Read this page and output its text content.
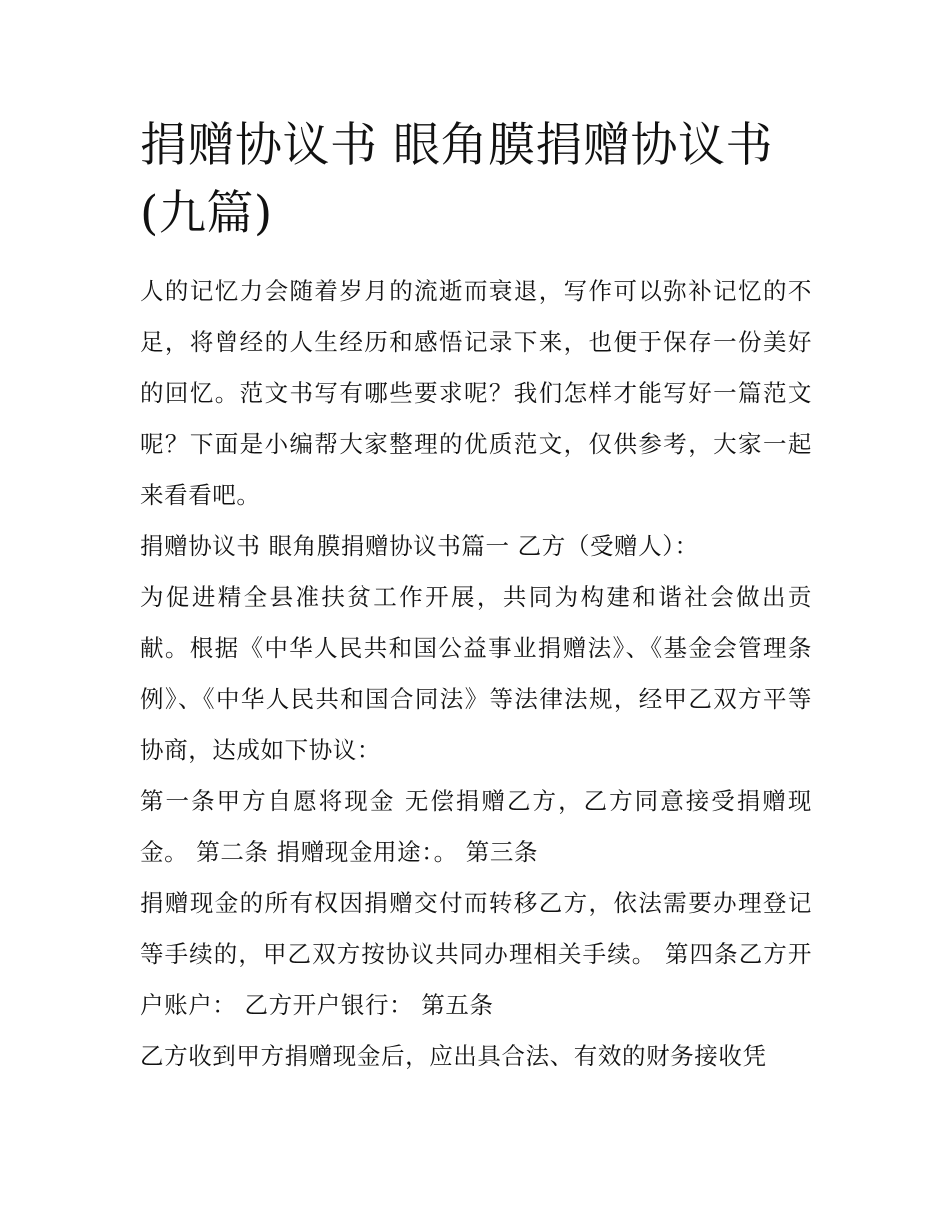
捐赠协议书 眼角膜捐赠协议书(九篇)

人的记忆力会随着岁月的流逝而衰退，写作可以弥补记忆的不足，将曾经的人生经历和感悟记录下来，也便于保存一份美好的回忆。范文书写有哪些要求呢？我们怎样才能写好一篇范文呢？下面是小编帮大家整理的优质范文，仅供参考，大家一起来看看吧。

捐赠协议书 眼角膜捐赠协议书篇一 乙方（受赠人）：

为促进精全县准扶贫工作开展，共同为构建和谐社会做出贡献。根据《中华人民共和国公益事业捐赠法》、《基金会管理条例》、《中华人民共和国合同法》等法律法规，经甲乙双方平等协商，达成如下协议：

第一条甲方自愿将现金 无偿捐赠乙方，乙方同意接受捐赠现金。 第二条 捐赠现金用途：。 第三条

捐赠现金的所有权因捐赠交付而转移乙方，依法需要办理登记等手续的，甲乙双方按协议共同办理相关手续。 第四条乙方开户账户： 乙方开户银行： 第五条

乙方收到甲方捐赠现金后，应出具合法、有效的财务接收凭
